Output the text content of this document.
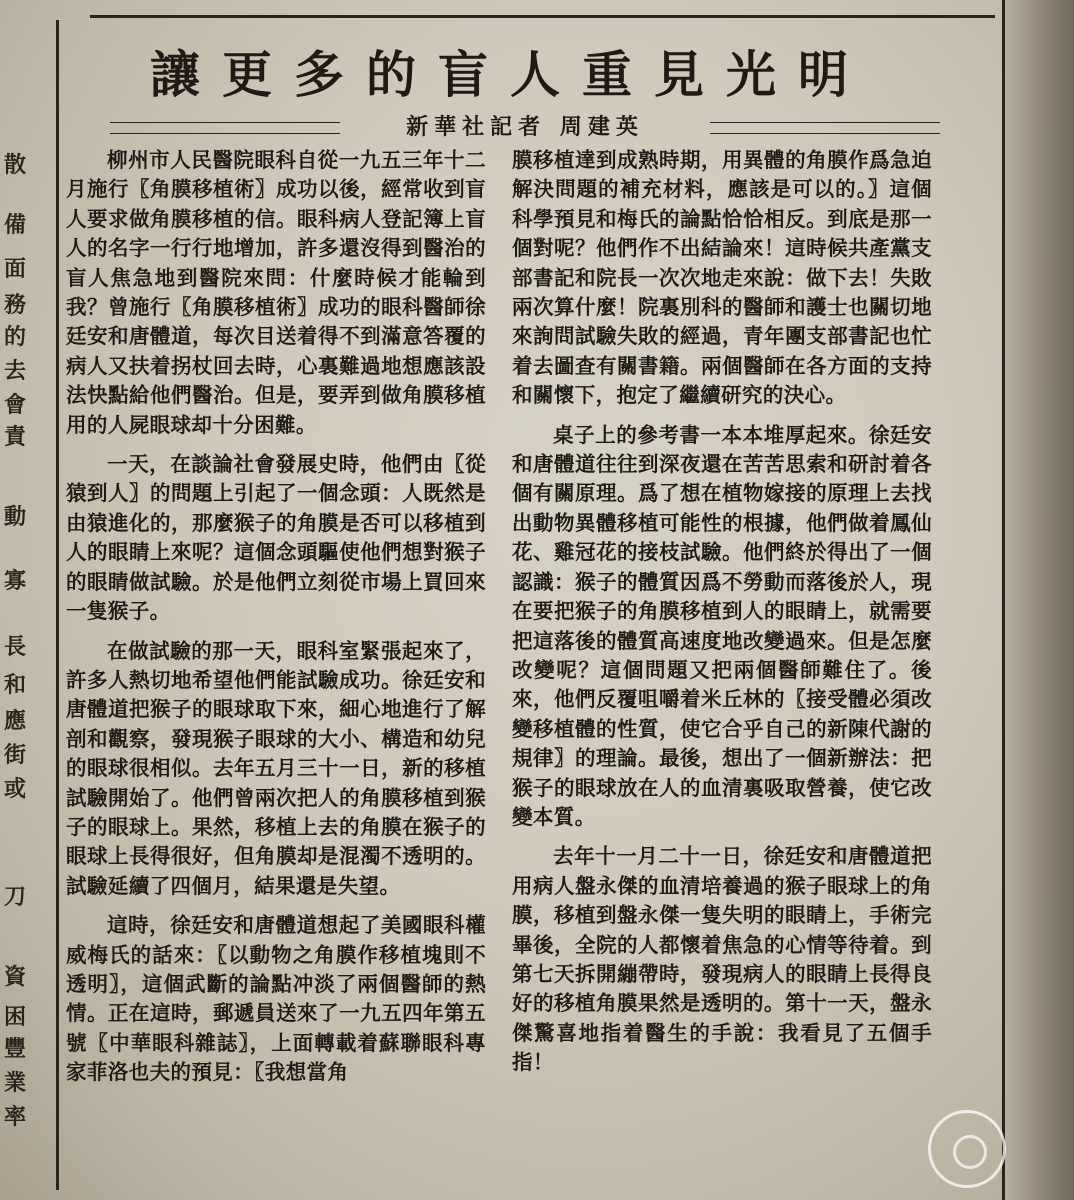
散
備
面
務
的
去
會
責
動
寡
長
和
應
街
或
刀
資
困
豐
業
率
讓更多的盲人重見光明
新華社記者 周建英

柳州市人民醫院眼科自從一九五三年十二月施行〖角膜移植術〗成功以後，經常收到盲人要求做角膜移植的信。眼科病人登記簿上盲人的名字一行行地增加，許多還沒得到醫治的盲人焦急地到醫院來問：什麼時候才能輪到我？曾施行〖角膜移植術〗成功的眼科醫師徐廷安和唐體道，每次目送着得不到滿意答覆的病人又扶着拐杖回去時，心裏難過地想應該設法快點給他們醫治。但是，要弄到做角膜移植用的人屍眼球却十分困難。

一天，在談論社會發展史時，他們由〖從猿到人〗的問題上引起了一個念頭：人既然是由猿進化的，那麼猴子的角膜是否可以移植到人的眼睛上來呢？這個念頭驅使他們想對猴子的眼睛做試驗。於是他們立刻從市場上買回來一隻猴子。

在做試驗的那一天，眼科室緊張起來了，許多人熱切地希望他們能試驗成功。徐廷安和唐體道把猴子的眼球取下來，細心地進行了解剖和觀察，發現猴子眼球的大小、構造和幼兒的眼球很相似。去年五月三十一日，新的移植試驗開始了。他們曾兩次把人的角膜移植到猴子的眼球上。果然，移植上去的角膜在猴子的眼球上長得很好，但角膜却是混濁不透明的。試驗延續了四個月，結果還是失望。

這時，徐廷安和唐體道想起了美國眼科權威梅氏的話來：〖以動物之角膜作移植塊則不透明〗，這個武斷的論點冲淡了兩個醫師的熱情。正在這時，郵遞員送來了一九五四年第五號〖中華眼科雜誌〗，上面轉載着蘇聯眼科專家菲洛也夫的預見：〖我想當角

膜移植達到成熟時期，用異體的角膜作爲急迫解決問題的補充材料，應該是可以的。〗這個科學預見和梅氏的論點恰恰相反。到底是那一個對呢？他們作不出結論來！這時候共產黨支部書記和院長一次次地走來說：做下去！失敗兩次算什麼！院裏別科的醫師和護士也關切地來詢問試驗失敗的經過，青年團支部書記也忙着去圖查有關書籍。兩個醫師在各方面的支持和關懷下，抱定了繼續研究的決心。

桌子上的參考書一本本堆厚起來。徐廷安和唐體道往往到深夜還在苦苦思索和研討着各個有關原理。爲了想在植物嫁接的原理上去找出動物異體移植可能性的根據，他們做着鳳仙花、雞冠花的接枝試驗。他們終於得出了一個認識：猴子的體質因爲不勞動而落後於人，現在要把猴子的角膜移植到人的眼睛上，就需要把這落後的體質高速度地改變過來。但是怎麼改變呢？這個問題又把兩個醫師難住了。後來，他們反覆咀嚼着米丘林的〖接受體必須改變移植體的性質，使它合乎自己的新陳代謝的規律〗的理論。最後，想出了一個新辦法：把猴子的眼球放在人的血清裏吸取營養，使它改變本質。

去年十一月二十一日，徐廷安和唐體道把用病人盤永傑的血清培養過的猴子眼球上的角膜，移植到盤永傑一隻失明的眼睛上，手術完畢後，全院的人都懷着焦急的心情等待着。到第七天拆開繃帶時，發現病人的眼睛上長得良好的移植角膜果然是透明的。第十一天，盤永傑驚喜地指着醫生的手說：我看見了五個手指！
